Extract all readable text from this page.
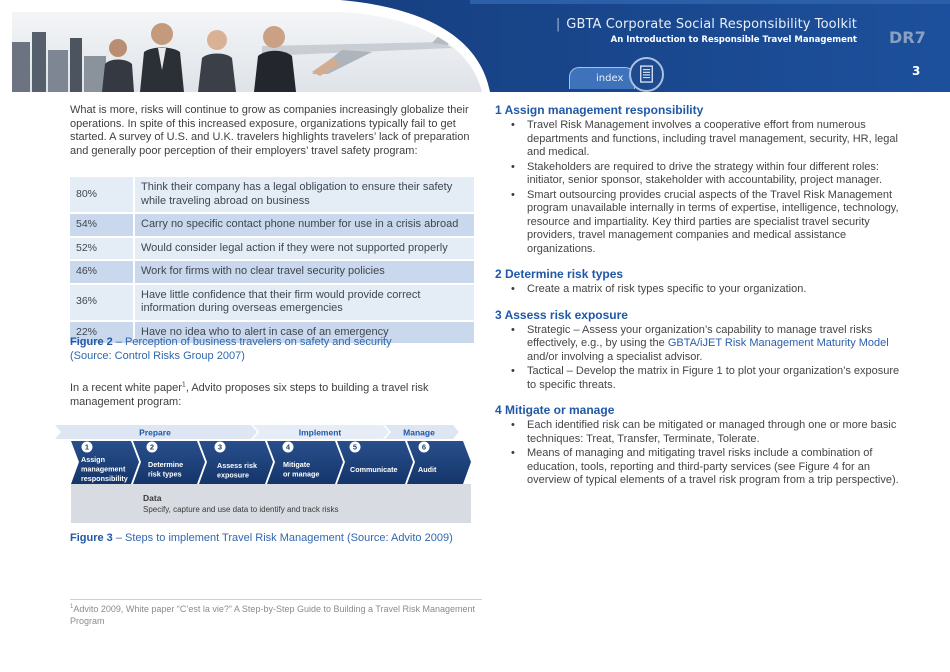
| GBTA Corporate Social Responsibility Toolkit
An Introduction to Responsible Travel Management DR7
3
index

What is more, risks will continue to grow as companies increasingly globalize their operations. In spite of this increased exposure, organizations typically fail to get started. A survey of U.S. and U.K. travelers highlights travelers’ lack of preparation and generally poor perception of their employers’ travel safety program:

80%	Think their company has a legal obligation to ensure their safety while traveling abroad on business
54%	Carry no specific contact phone number for use in a crisis abroad
52%	Would consider legal action if they were not supported properly
46%	Work for firms with no clear travel security policies
36%	Have little confidence that their firm would provide correct information during overseas emergencies
22%	Have no idea who to alert in case of an emergency
Figure 2 – Perception of business travelers on safety and security
(Source: Control Risks Group 2007)

In a recent white paper$^1$, Advito proposes six steps to building a travel risk management program:

Prepare	Implement	Manage
1	2	3	4	5	6
Assign
management
responsibility
Determine
risk types
Assess risk
exposure
Mitigate
or manage	Communicate	Audit
Data
Specify, capture and use data to identify and track risks
Figure 3 – Steps to implement Travel Risk Management (Source: Advito 2009)

$^1$Advito 2009, White paper “C’est la vie?” A Step-by-Step Guide to Building a Travel Risk Management Program

1 Assign management responsibility
• Travel Risk Management involves a cooperative effort from numerous departments and functions, including travel management, security, HR, legal and medical.
• Stakeholders are required to drive the strategy within four different roles: initiator, senior sponsor, stakeholder with accountability, project manager.
• Smart outsourcing provides crucial aspects of the Travel Risk Management program unavailable internally in terms of expertise, intelligence, technology, resource and impartiality. Key third parties are specialist travel security providers, travel management companies and medical assistance organizations.
2 Determine risk types
• Create a matrix of risk types specific to your organization.
3 Assess risk exposure
• Strategic – Assess your organization’s capability to manage travel risks effectively, e.g., by using the GBTA/iJET Risk Management Maturity Model and/or involving a specialist advisor.
• Tactical – Develop the matrix in Figure 1 to plot your organization’s exposure to specific threats.
4 Mitigate or manage
• Each identified risk can be mitigated or managed through one or more basic techniques: Treat, Transfer, Terminate, Tolerate.
• Means of managing and mitigating travel risks include a combination of education, tools, reporting and third-party services (see Figure 4 for an overview of typical elements of a travel risk program from a trip perspective).
